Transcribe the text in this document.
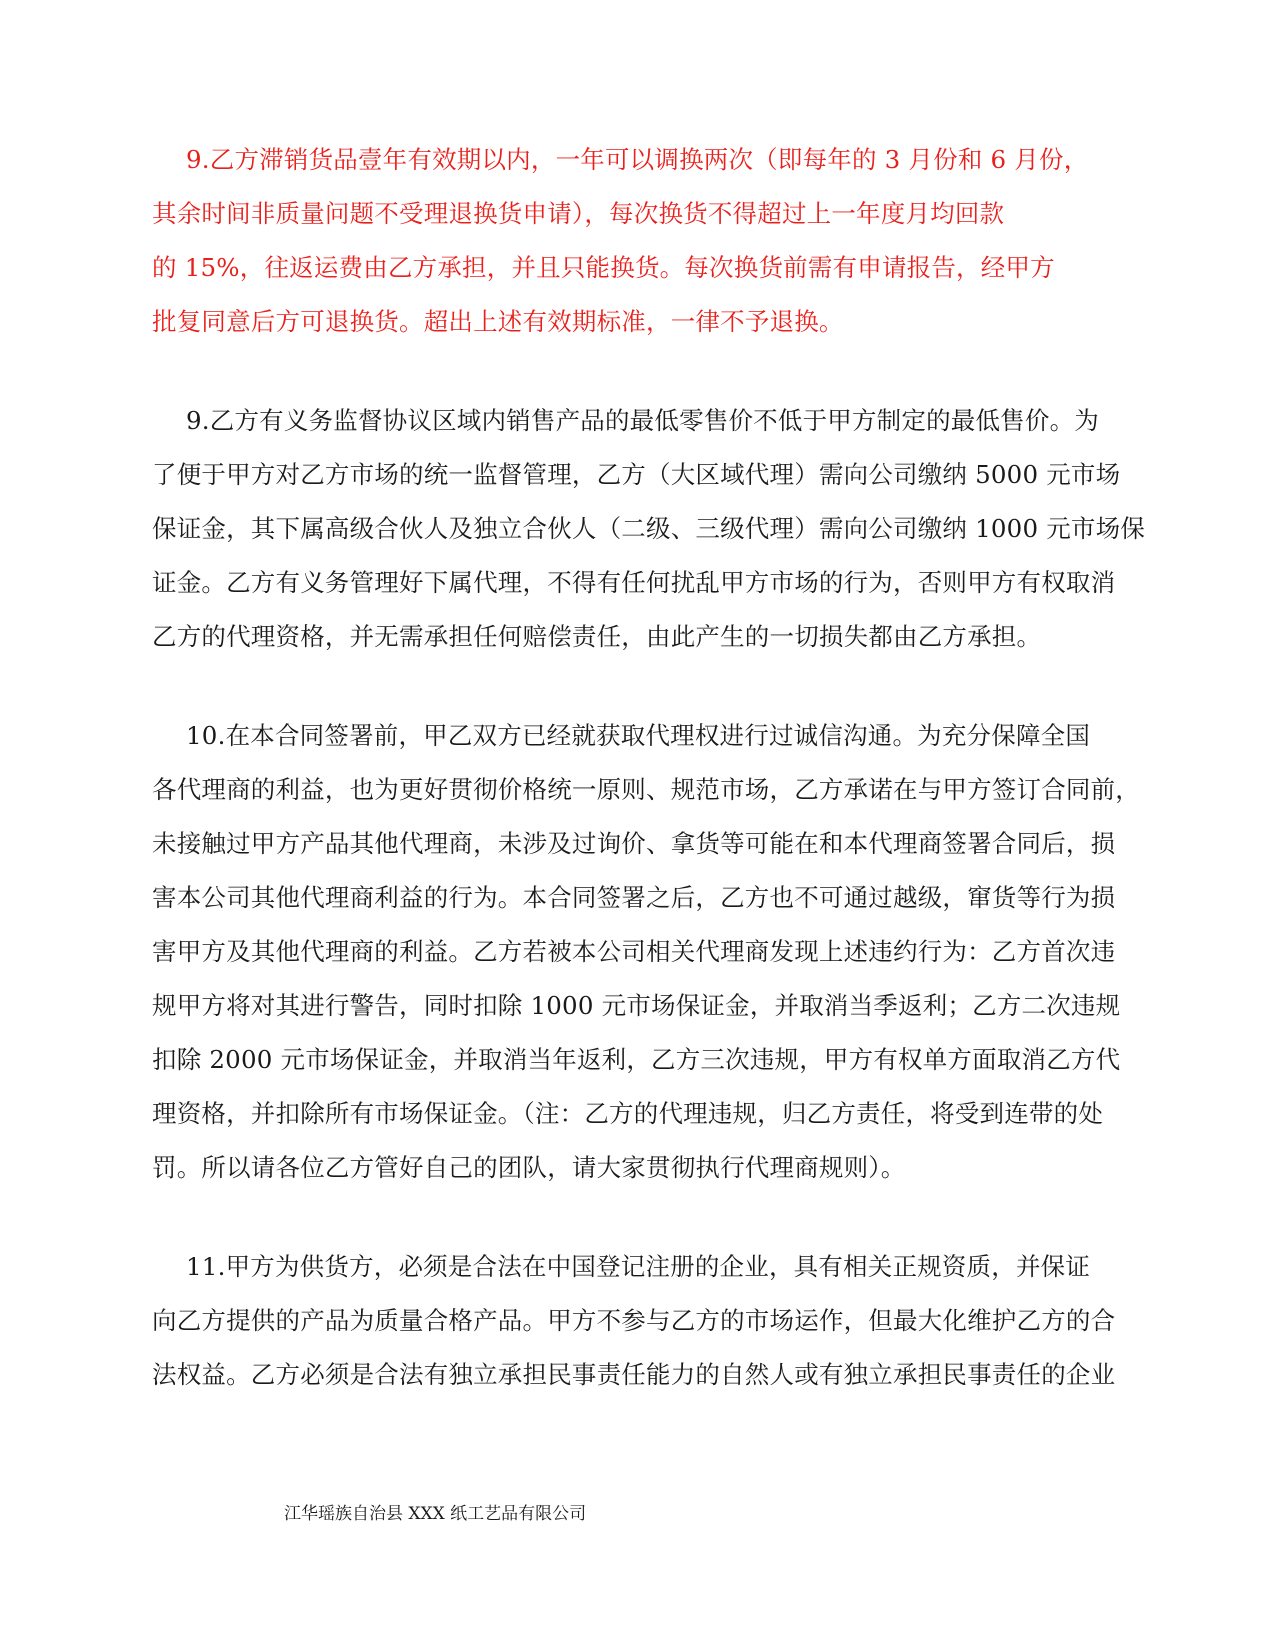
9.乙方滞销货品壹年有效期以内，一年可以调换两次（即每年的 3 月份和 6 月份，
其余时间非质量问题不受理退换货申请），每次换货不得超过上一年度月均回款
的 15%，往返运费由乙方承担，并且只能换货。每次换货前需有申请报告，经甲方
批复同意后方可退换货。超出上述有效期标准，一律不予退换。
9.乙方有义务监督协议区域内销售产品的最低零售价不低于甲方制定的最低售价。为
了便于甲方对乙方市场的统一监督管理，乙方（大区域代理）需向公司缴纳 5000 元市场
保证金，其下属高级合伙人及独立合伙人（二级、三级代理）需向公司缴纳 1000 元市场保
证金。乙方有义务管理好下属代理，不得有任何扰乱甲方市场的行为，否则甲方有权取消
乙方的代理资格，并无需承担任何赔偿责任，由此产生的一切损失都由乙方承担。
10.在本合同签署前，甲乙双方已经就获取代理权进行过诚信沟通。为充分保障全国
各代理商的利益，也为更好贯彻价格统一原则、规范市场，乙方承诺在与甲方签订合同前，
未接触过甲方产品其他代理商，未涉及过询价、拿货等可能在和本代理商签署合同后，损
害本公司其他代理商利益的行为。本合同签署之后，乙方也不可通过越级，窜货等行为损
害甲方及其他代理商的利益。乙方若被本公司相关代理商发现上述违约行为：乙方首次违
规甲方将对其进行警告，同时扣除 1000 元市场保证金，并取消当季返利；乙方二次违规
扣除 2000 元市场保证金，并取消当年返利，乙方三次违规，甲方有权单方面取消乙方代
理资格，并扣除所有市场保证金。（注：乙方的代理违规，归乙方责任，将受到连带的处
罚。所以请各位乙方管好自己的团队，请大家贯彻执行代理商规则）。
11.甲方为供货方，必须是合法在中国登记注册的企业，具有相关正规资质，并保证
向乙方提供的产品为质量合格产品。甲方不参与乙方的市场运作，但最大化维护乙方的合
法权益。乙方必须是合法有独立承担民事责任能力的自然人或有独立承担民事责任的企业
江华瑶族自治县 XXX 纸工艺品有限公司
